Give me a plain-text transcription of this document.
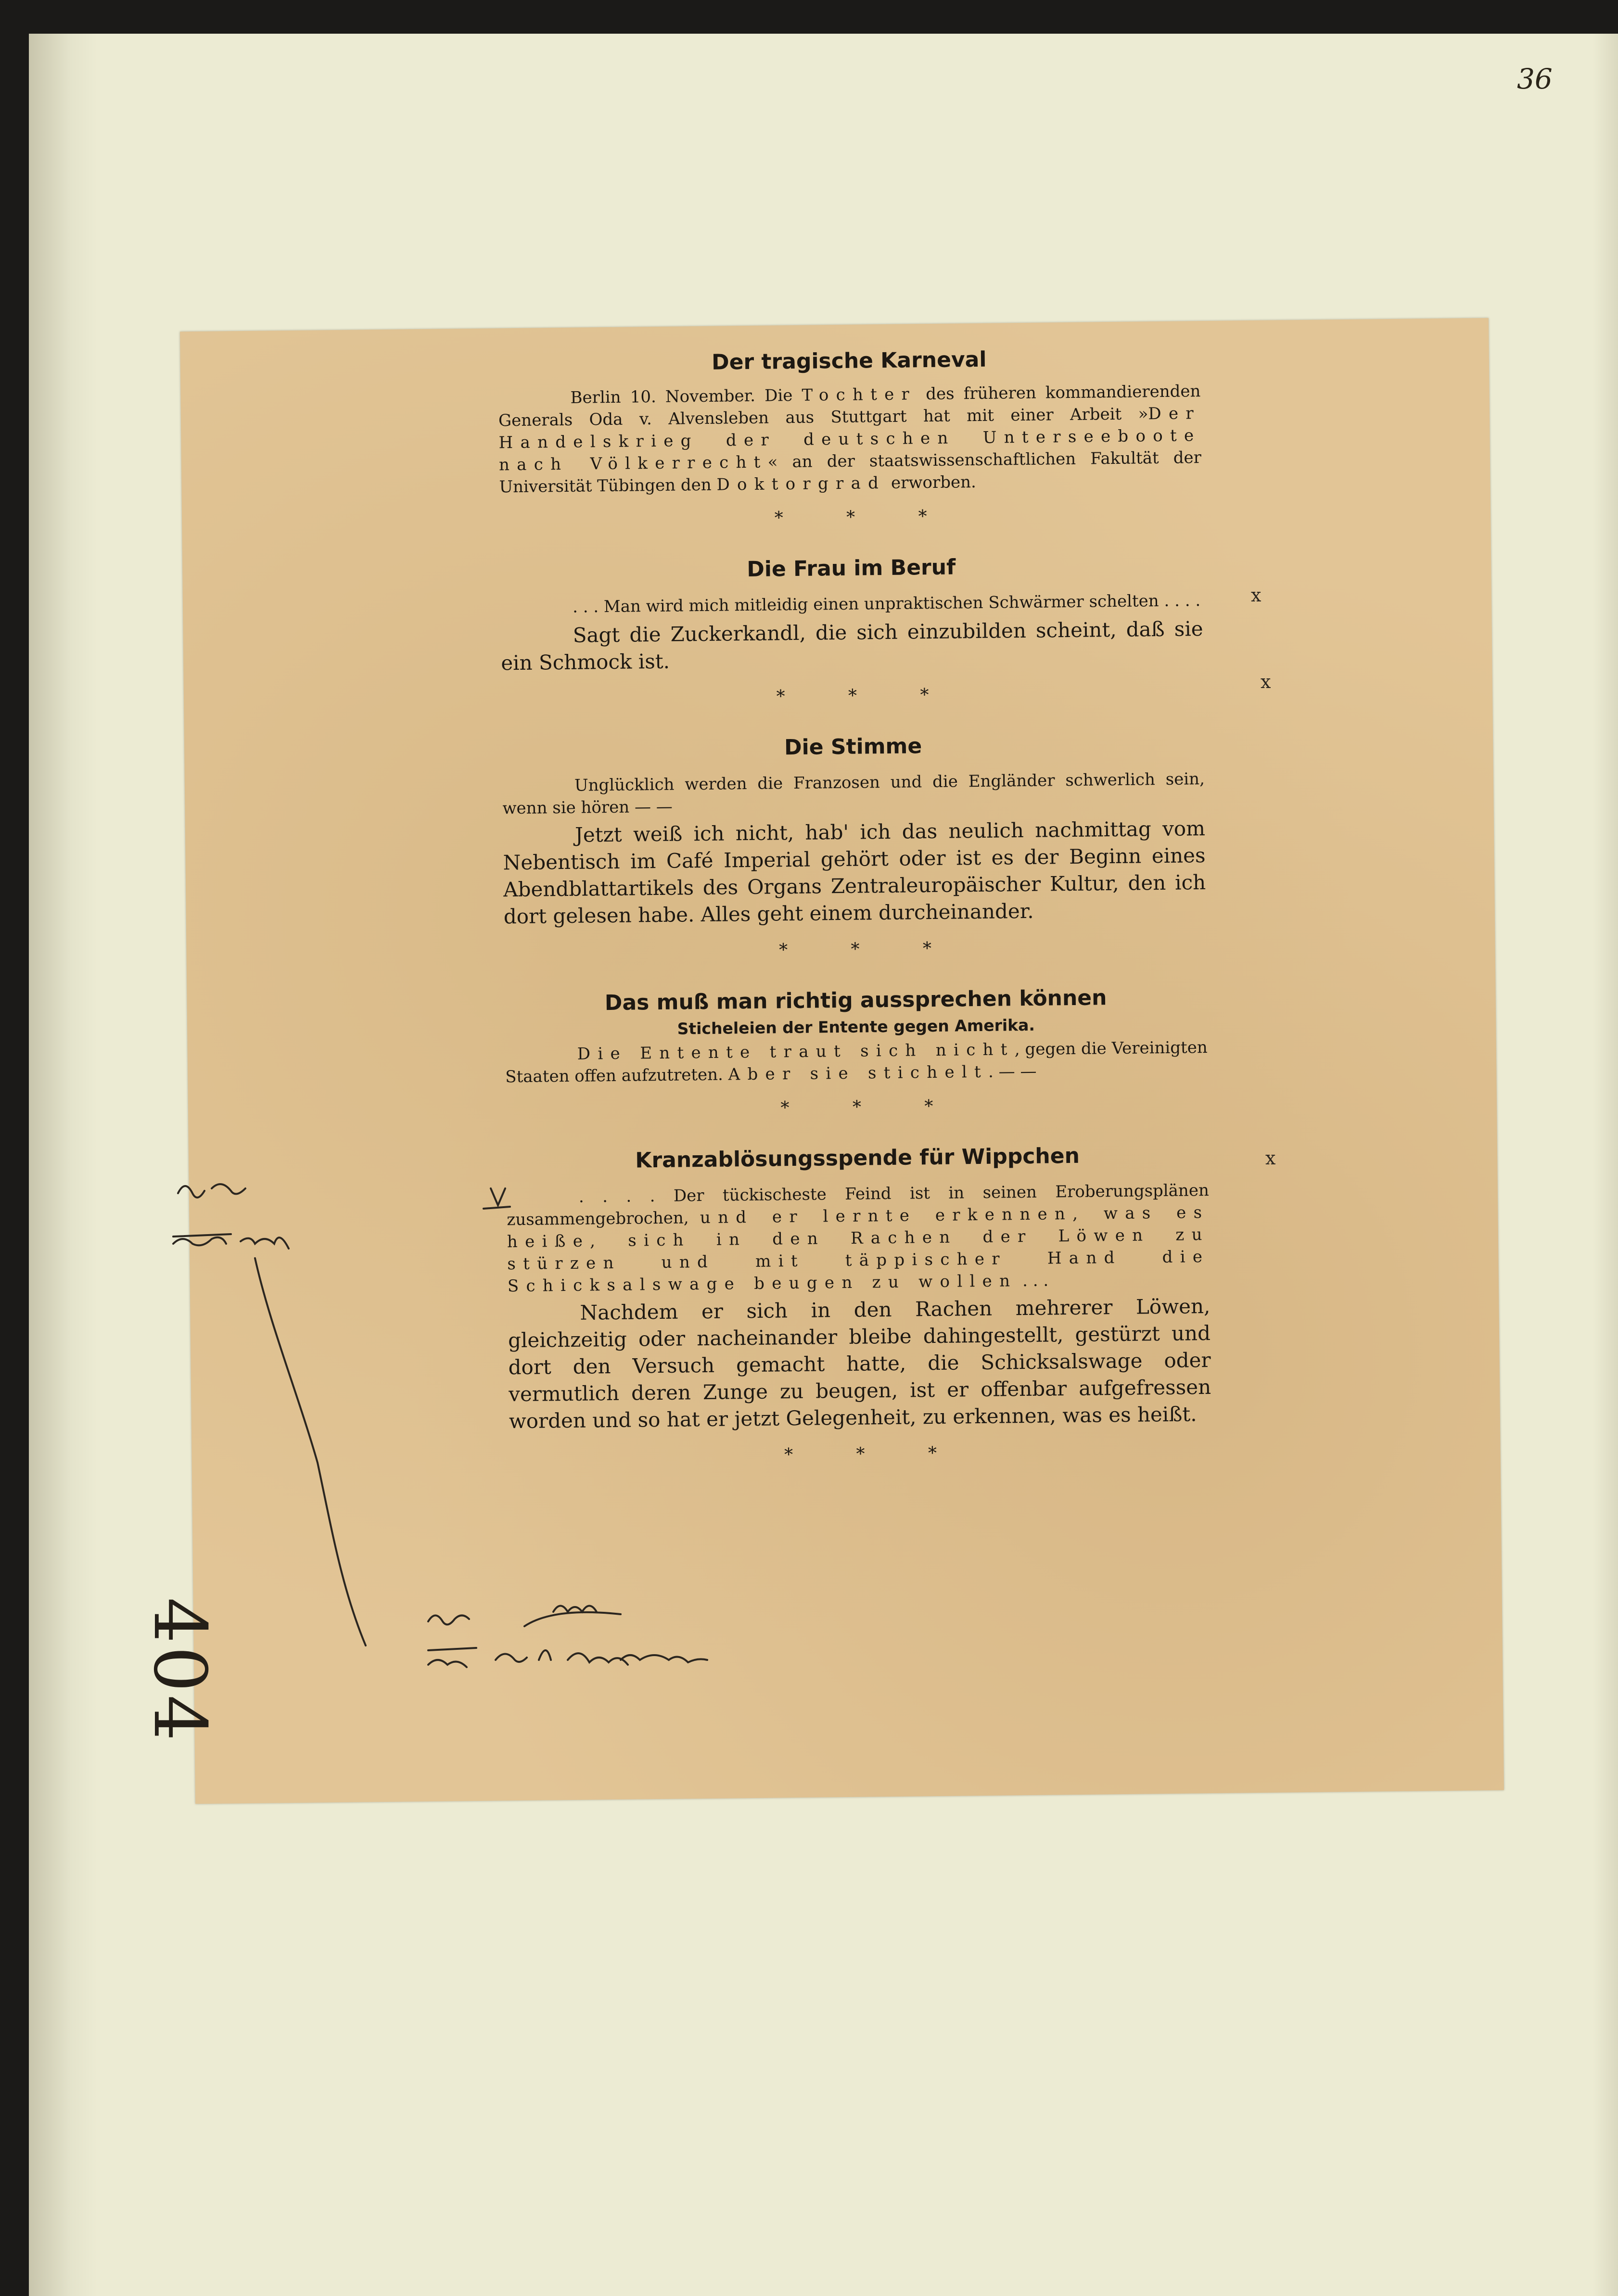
36
Der tragische Karneval

Berlin 10. November. Die Tochter des früheren kommandierenden Generals Oda v. Alvensleben aus Stuttgart hat mit einer Arbeit »Der Handelskrieg der deutschen Unterseeboote nach Völkerrecht« an der staatswissenschaftlichen Fakultät der Universität Tübingen den Doktorgrad erworben.

* * *
Die Frau im Beruf

. . . Man wird mich mitleidig einen unpraktischen Schwärmer schelten . . . .

Sagt die Zuckerkandl, die sich einzubilden scheint, daß sie ein Schmock ist.

* * *
Die Stimme

Unglücklich werden die Franzosen und die Engländer schwerlich sein, wenn sie hören — —

Jetzt weiß ich nicht, hab' ich das neulich nachmittag vom Nebentisch im Café Imperial gehört oder ist es der Beginn eines Abendblattartikels des Organs Zentraleuropäischer Kultur, den ich dort gelesen habe. Alles geht einem durcheinander.

* * *
Das muß man richtig aussprechen können
Sticheleien der Entente gegen Amerika.

Die Entente traut sich nicht, gegen die Vereinigten Staaten offen aufzutreten. Aber sie stichelt. — —

* * *
Kranzablösungsspende für Wippchen

. . . . Der tückischeste Feind ist in seinen Eroberungsplänen zusammengebrochen, und er lernte erkennen, was es heiße, sich in den Rachen der Löwen zu stürzen und mit täppischer Hand die Schicksalswage beugen zu wollen . . .

Nachdem er sich in den Rachen mehrerer Löwen, gleichzeitig oder nacheinander bleibe dahingestellt, gestürzt und dort den Versuch gemacht hatte, die Schicksalswage oder vermutlich deren Zunge zu beugen, ist er offenbar aufgefressen worden und so hat er jetzt Gelegenheit, zu erkennen, was es heißt.

* * *
x
x
x
404
